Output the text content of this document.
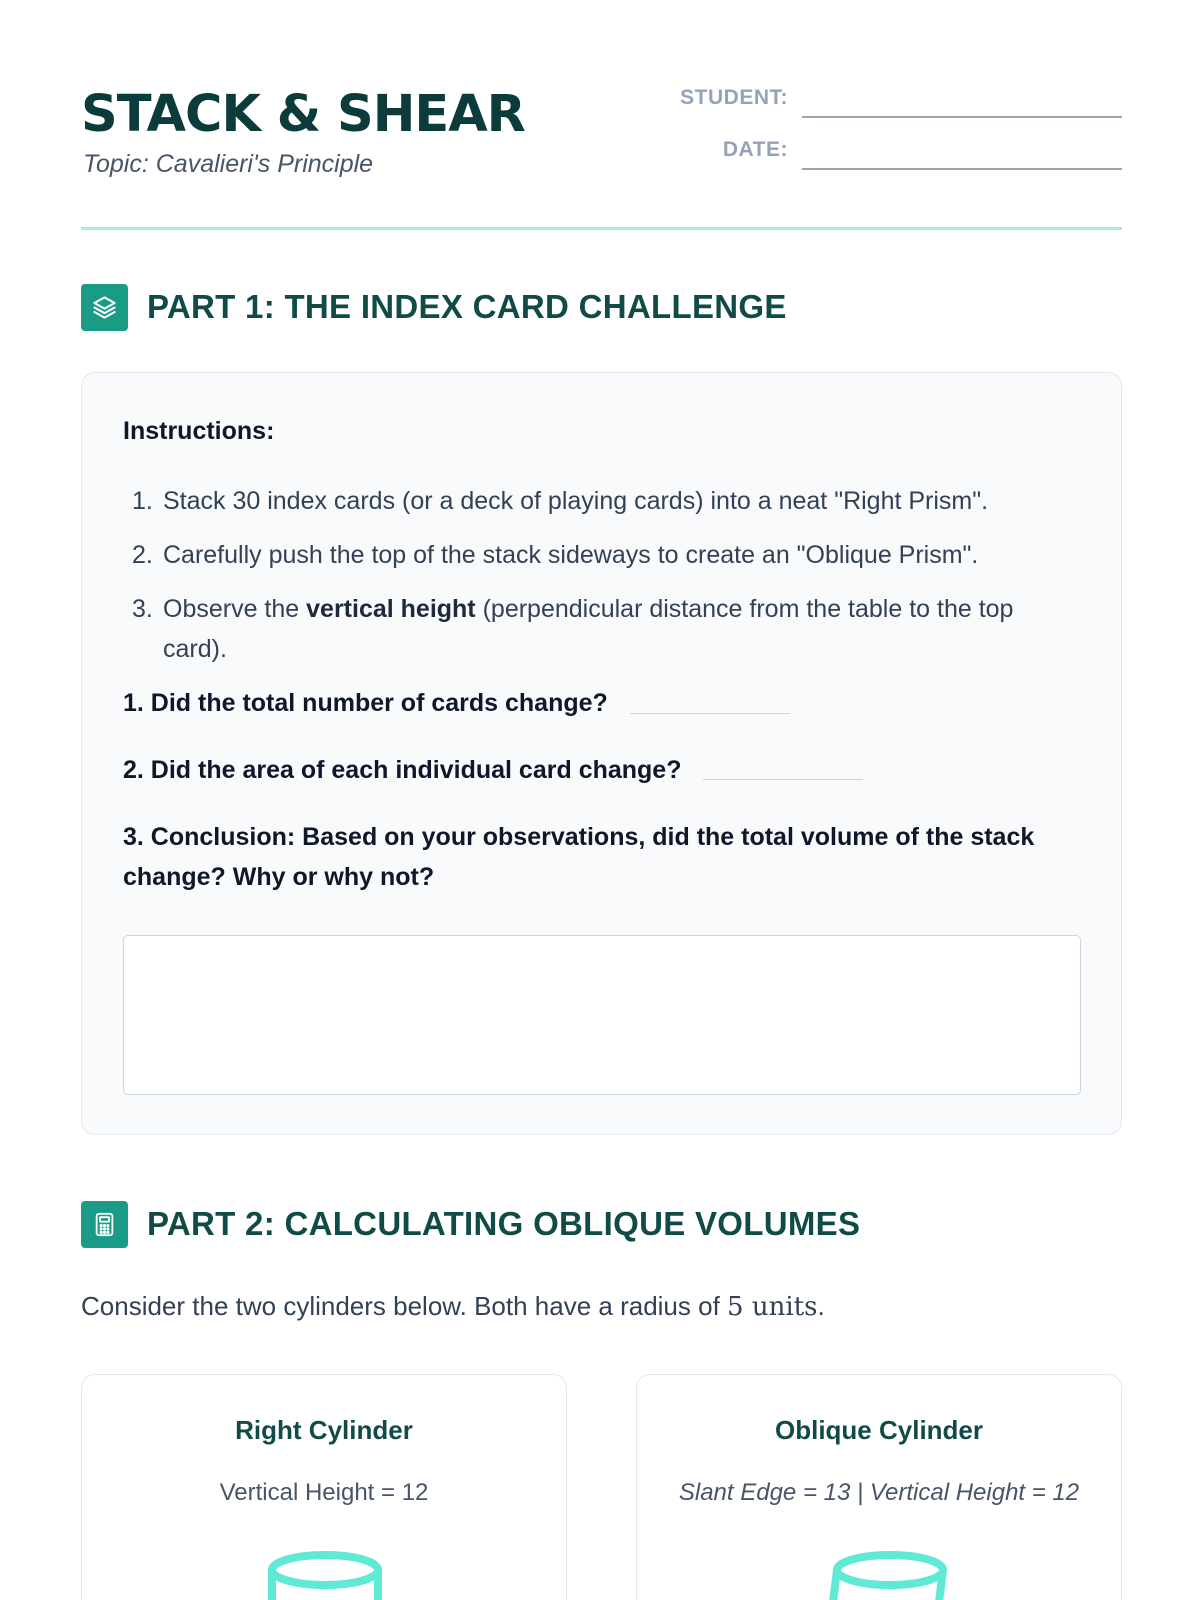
STACK & SHEAR
Topic: Cavalieri's Principle
STUDENT:
DATE:
PART 1: THE INDEX CARD CHALLENGE
Instructions:
1. Stack 30 index cards (or a deck of playing cards) into a neat "Right Prism".
2. Carefully push the top of the stack sideways to create an "Oblique Prism".
3. Observe the vertical height (perpendicular distance from the table to the top card).
1. Did the total number of cards change?
2. Did the area of each individual card change?
3. Conclusion: Based on your observations, did the total volume of the stack change? Why or why not?
PART 2: CALCULATING OBLIQUE VOLUMES
Consider the two cylinders below. Both have a radius of 5 units.
Right Cylinder
Vertical Height = 12
Oblique Cylinder
Slant Edge = 13 | Vertical Height = 12
